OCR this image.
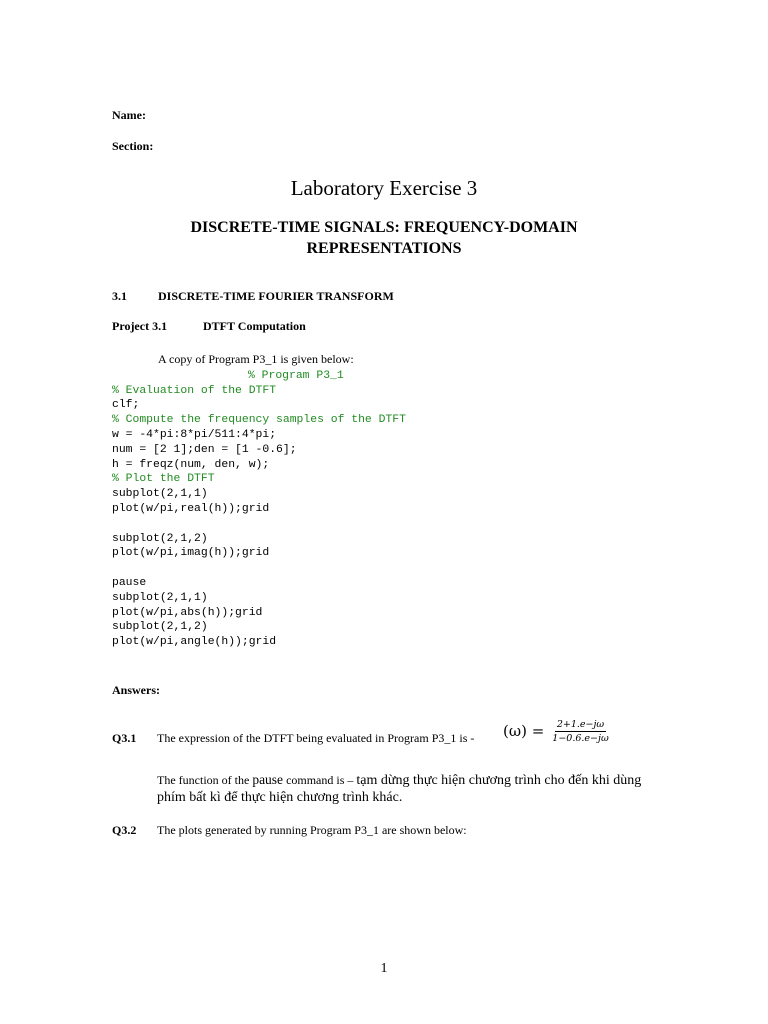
Name:
Section:
Laboratory Exercise 3
DISCRETE-TIME SIGNALS: FREQUENCY-DOMAIN
REPRESENTATIONS
3.1	DISCRETE-TIME FOURIER TRANSFORM
Project 3.1	DTFT Computation
A copy of Program P3_1 is given below:
% Program P3_1
% Evaluation of the DTFT
clf;
% Compute the frequency samples of the DTFT
w = -4*pi:8*pi/511:4*pi;
num = [2 1];den = [1 -0.6];
h = freqz(num, den, w);
% Plot the DTFT
subplot(2,1,1)
plot(w/pi,real(h));grid

subplot(2,1,2)
plot(w/pi,imag(h));grid

pause
subplot(2,1,1)
plot(w/pi,abs(h));grid
subplot(2,1,2)
plot(w/pi,angle(h));grid
Answers:
Q3.1 The expression of the DTFT being evaluated in Program P3_1 is - $(\omega) = \frac{2+1.e-j\omega}{1-0.6.e-j\omega}$
The function of the pause command is – tạm dừng thực hiện chương trình cho đến khi dùng
phím bất kì để thực hiện chương trình khác.
Q3.2 The plots generated by running Program P3_1 are shown below:
1
